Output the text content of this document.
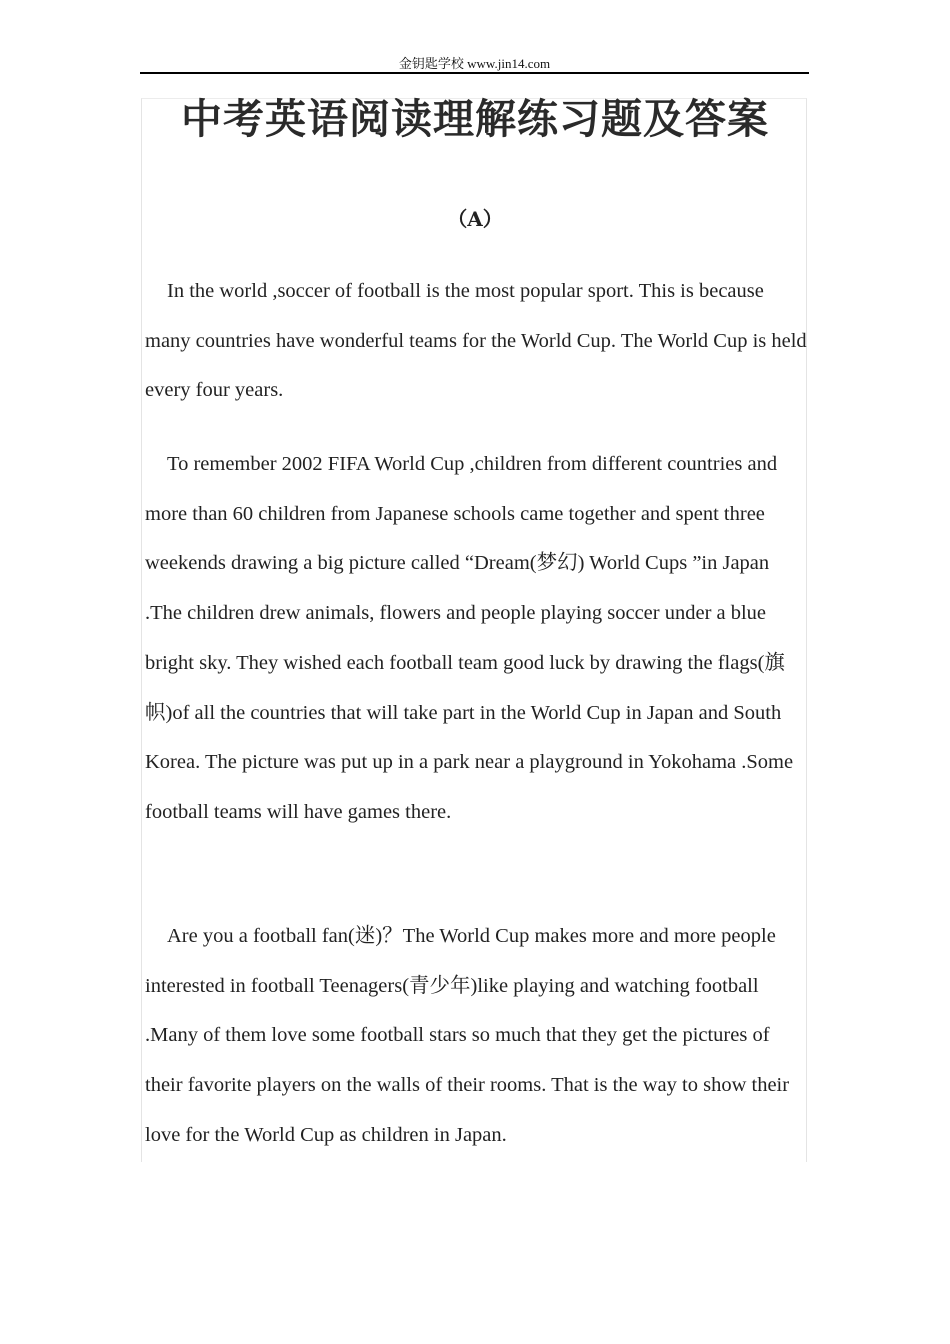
金钥匙学校 www.jin14.com
中考英语阅读理解练习题及答案
（A）

In the world ,soccer of football is the most popular sport. This is because many countries have wonderful teams for the World Cup. The World Cup is held every four years.

To remember 2002 FIFA World Cup ,children from different countries and more than 60 children from Japanese schools came together and spent three weekends drawing a big picture called “Dream(梦幻) World Cups ”in Japan .The children drew animals, flowers and people playing soccer under a blue bright sky. They wished each football team good luck by drawing the flags(旗帜)of all the countries that will take part in the World Cup in Japan and South Korea. The picture was put up in a park near a playground in Yokohama .Some football teams will have games there.

Are you a football fan(迷)？The World Cup makes more and more people interested in football Teenagers(青少年)like playing and watching football .Many of them love some football stars so much that they get the pictures of their favorite players on the walls of their rooms. That is the way to show their love for the World Cup as children in Japan.
